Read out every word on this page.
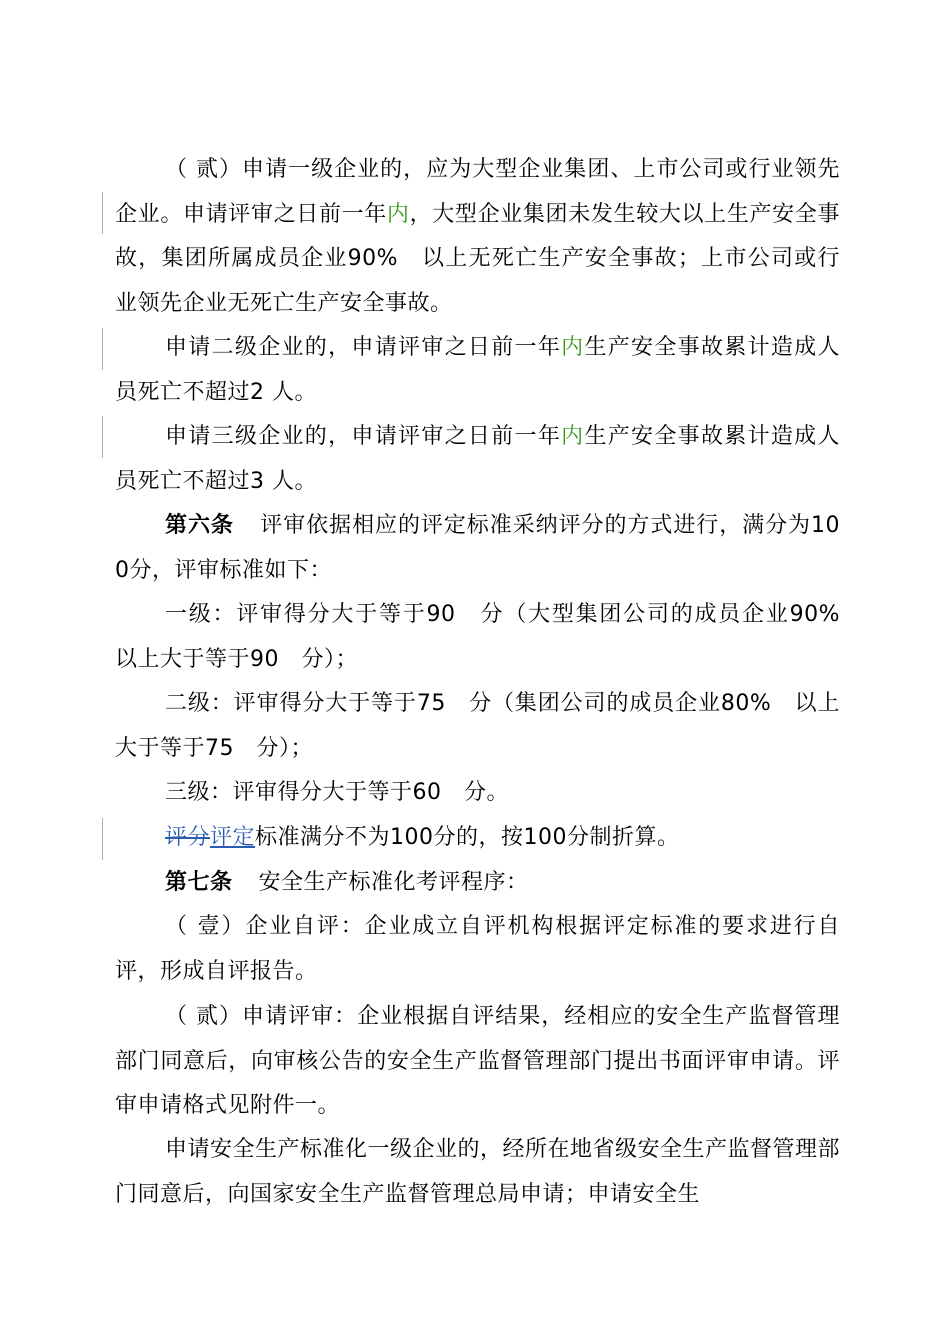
（ 贰）申请一级企业的，应为大型企业集团、上市公司或行业领先企业。申请评审之日前一年内，大型企业集团未发生较大以上生产安全事故，集团所属成员企业90%　以上无死亡生产安全事故；上市公司或行业领先企业无死亡生产安全事故。

申请二级企业的，申请评审之日前一年内生产安全事故累计造成人员死亡不超过2 人。

申请三级企业的，申请评审之日前一年内生产安全事故累计造成人员死亡不超过3 人。

第六条 评审依据相应的评定标准采纳评分的方式进行，满分为100分，评审标准如下：

一级：评审得分大于等于90　分（大型集团公司的成员企业90%　以上大于等于90　分）；

二级：评审得分大于等于75　分（集团公司的成员企业80%　以上大于等于75　分）；

三级：评审得分大于等于60　分。

评分评定标准满分不为100分的，按100分制折算。

第七条 安全生产标准化考评程序：

（ 壹）企业自评：企业成立自评机构根据评定标准的要求进行自评，形成自评报告。

（ 贰）申请评审：企业根据自评结果，经相应的安全生产监督管理部门同意后，向审核公告的安全生产监督管理部门提出书面评审申请。评审申请格式见附件一。

申请安全生产标准化一级企业的，经所在地省级安全生产监督管理部门同意后，向国家安全生产监督管理总局申请；申请安全生
